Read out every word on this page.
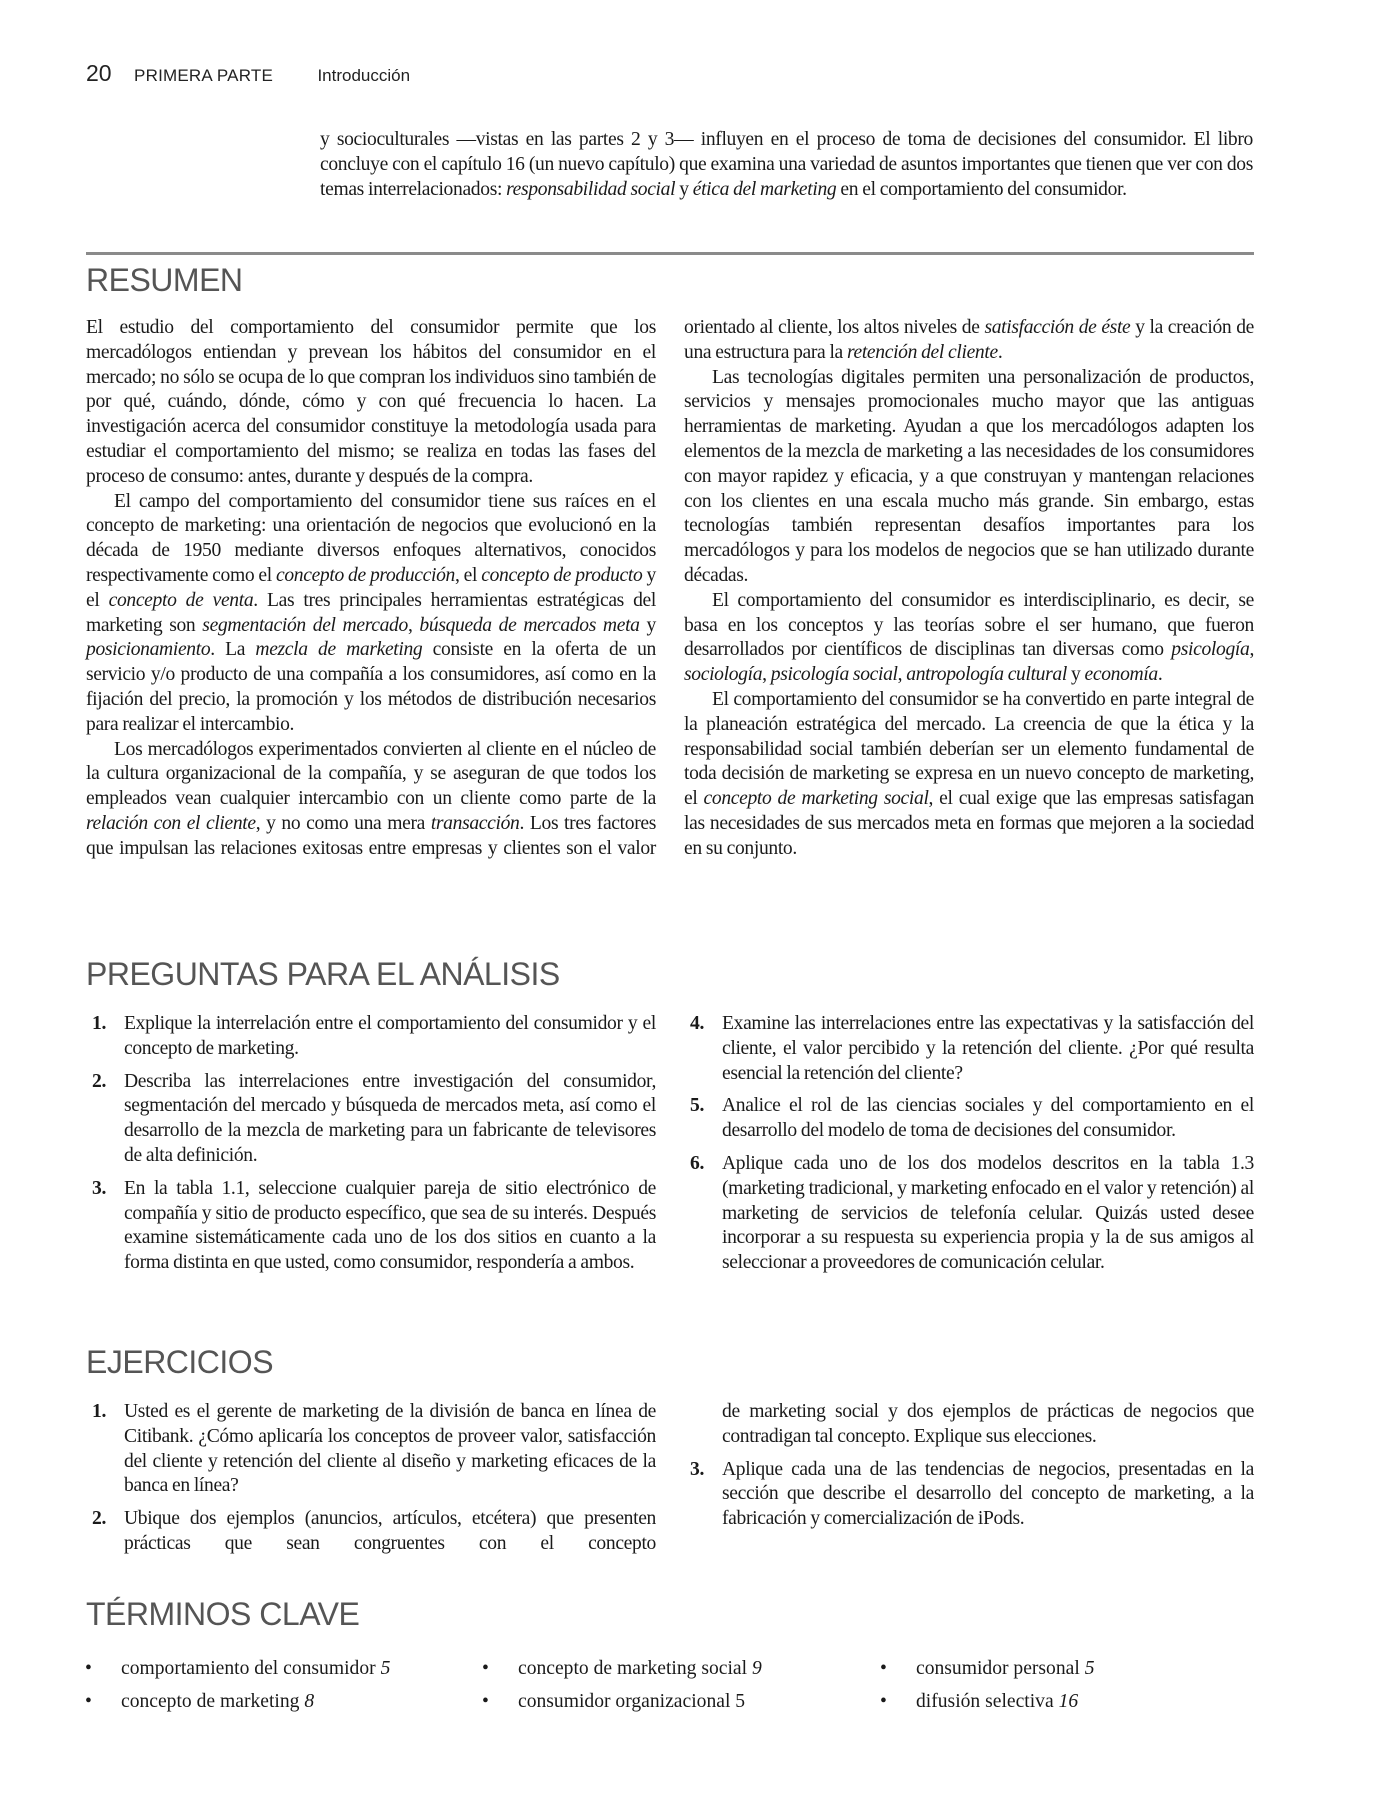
20 PRIMERA PARTE	Introducción

y socioculturales —vistas en las partes 2 y 3— influyen en el proceso de toma de decisiones del consumidor. El libro concluye con el capítulo 16 (un nuevo capítulo) que examina una variedad de asuntos importantes que tienen que ver con dos temas interrelacionados: responsabilidad social y ética del marketing en el comportamiento del consumidor.

RESUMEN

El estudio del comportamiento del consumidor permite que los mercadólogos entiendan y prevean los hábitos del consumidor en el mercado; no sólo se ocupa de lo que compran los individuos sino también de por qué, cuándo, dónde, cómo y con qué frecuencia lo hacen. La investigación acerca del consumidor constituye la metodología usada para estudiar el comportamiento del mismo; se realiza en todas las fases del proceso de consumo: antes, durante y después de la compra.

El campo del comportamiento del consumidor tiene sus raíces en el concepto de marketing: una orientación de negocios que evolucionó en la década de 1950 mediante diversos enfoques alternativos, conocidos respectivamente como el concepto de producción, el concepto de producto y el concepto de venta. Las tres principales herramientas estratégicas del marketing son segmentación del mercado, búsqueda de mercados meta y posicionamiento. La mezcla de marketing consiste en la oferta de un servicio y/o producto de una compañía a los consumidores, así como en la fijación del precio, la promoción y los métodos de distribución necesarios para realizar el intercambio.

Los mercadólogos experimentados convierten al cliente en el núcleo de la cultura organizacional de la compañía, y se aseguran de que todos los empleados vean cualquier intercambio con un cliente como parte de la relación con el cliente, y no como una mera transacción. Los tres factores que impulsan las relaciones exitosas entre empresas y clientes son el valor

orientado al cliente, los altos niveles de satisfacción de éste y la creación de una estructura para la retención del cliente.

Las tecnologías digitales permiten una personalización de productos, servicios y mensajes promocionales mucho mayor que las antiguas herramientas de marketing. Ayudan a que los mercadólogos adapten los elementos de la mezcla de marketing a las necesidades de los consumidores con mayor rapidez y eficacia, y a que construyan y mantengan relaciones con los clientes en una escala mucho más grande. Sin embargo, estas tecnologías también representan desafíos importantes para los mercadólogos y para los modelos de negocios que se han utilizado durante décadas.

El comportamiento del consumidor es interdisciplinario, es decir, se basa en los conceptos y las teorías sobre el ser humano, que fueron desarrollados por científicos de disciplinas tan diversas como psicología, sociología, psicología social, antropología cultural y economía.

El comportamiento del consumidor se ha convertido en parte integral de la planeación estratégica del mercado. La creencia de que la ética y la responsabilidad social también deberían ser un elemento fundamental de toda decisión de marketing se expresa en un nuevo concepto de marketing, el concepto de marketing social, el cual exige que las empresas satisfagan las necesidades de sus mercados meta en formas que mejoren a la sociedad en su conjunto.

PREGUNTAS PARA EL ANÁLISIS
1. Explique la interrelación entre el comportamiento del consumidor y el concepto de marketing.
2. Describa las interrelaciones entre investigación del consumidor, segmentación del mercado y búsqueda de mercados meta, así como el desarrollo de la mezcla de marketing para un fabricante de televisores de alta definición.
3. En la tabla 1.1, seleccione cualquier pareja de sitio electrónico de compañía y sitio de producto específico, que sea de su interés. Después examine sistemáticamente cada uno de los dos sitios en cuanto a la forma distinta en que usted, como consumidor, respondería a ambos.
4. Examine las interrelaciones entre las expectativas y la satisfacción del cliente, el valor percibido y la retención del cliente. ¿Por qué resulta esencial la retención del cliente?
5. Analice el rol de las ciencias sociales y del comportamiento en el desarrollo del modelo de toma de decisiones del consumidor.
6. Aplique cada uno de los dos modelos descritos en la tabla 1.3 (marketing tradicional, y marketing enfocado en el valor y retención) al marketing de servicios de telefonía celular. Quizás usted desee incorporar a su respuesta su experiencia propia y la de sus amigos al seleccionar a proveedores de comunicación celular.
EJERCICIOS
1. Usted es el gerente de marketing de la división de banca en línea de Citibank. ¿Cómo aplicaría los conceptos de proveer valor, satisfacción del cliente y retención del cliente al diseño y marketing eficaces de la banca en línea?
2. Ubique dos ejemplos (anuncios, artículos, etcétera) que presenten prácticas que sean congruentes con el concepto
de marketing social y dos ejemplos de prácticas de negocios que contradigan tal concepto. Explique sus elecciones.
3. Aplique cada una de las tendencias de negocios, presentadas en la sección que describe el desarrollo del concepto de marketing, a la fabricación y comercialización de iPods.
TÉRMINOS CLAVE
• comportamiento del consumidor 5
• concepto de marketing 8
• concepto de marketing social 9
• consumidor organizacional 5
• consumidor personal 5
• difusión selectiva 16
